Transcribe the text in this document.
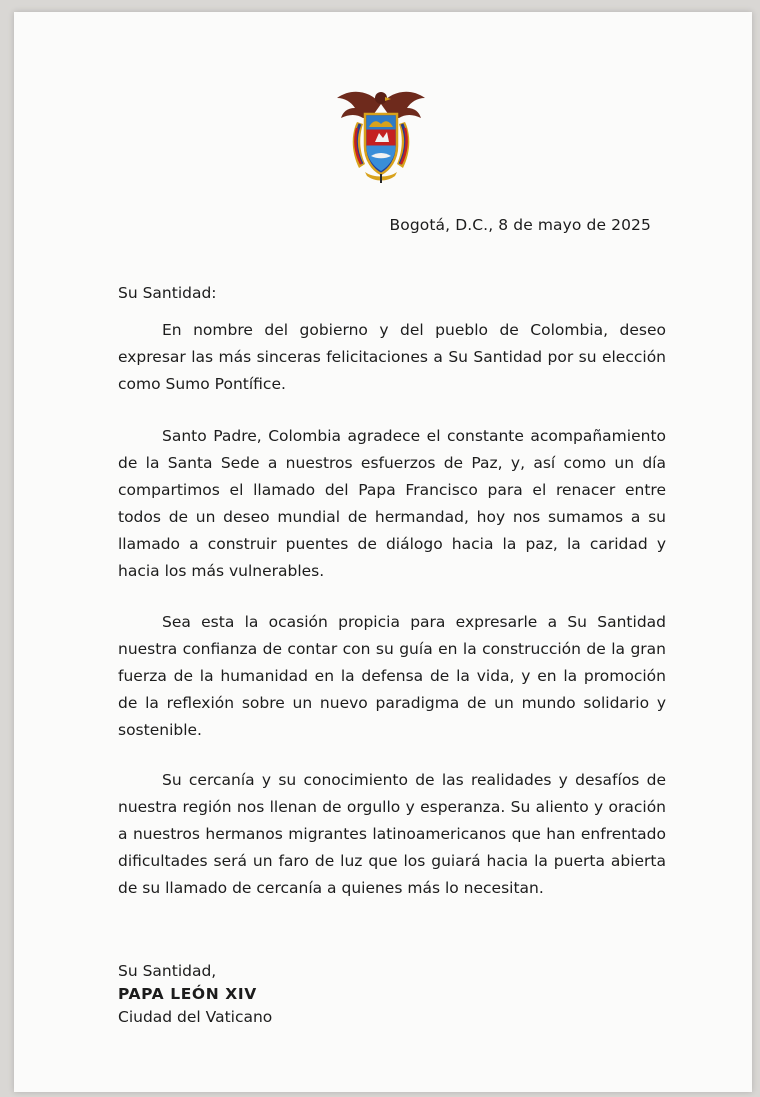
Bogotá, D.C., 8 de mayo de 2025
Su Santidad:

En nombre del gobierno y del pueblo de Colombia, deseo expresar las más sinceras felicitaciones a Su Santidad por su elección como Sumo Pontífice.

Santo Padre, Colombia agradece el constante acompañamiento de la Santa Sede a nuestros esfuerzos de Paz, y, así como un día compartimos el llamado del Papa Francisco para el renacer entre todos de un deseo mundial de hermandad, hoy nos sumamos a su llamado a construir puentes de diálogo hacia la paz, la caridad y hacia los más vulnerables.

Sea esta la ocasión propicia para expresarle a Su Santidad nuestra confianza de contar con su guía en la construcción de la gran fuerza de la humanidad en la defensa de la vida, y en la promoción de la reflexión sobre un nuevo paradigma de un mundo solidario y sostenible.

Su cercanía y su conocimiento de las realidades y desafíos de nuestra región nos llenan de orgullo y esperanza. Su aliento y oración a nuestros hermanos migrantes latinoamericanos que han enfrentado dificultades será un faro de luz que los guiará hacia la puerta abierta de su llamado de cercanía a quienes más lo necesitan.

Su Santidad,
PAPA LEÓN XIV
Ciudad del Vaticano
